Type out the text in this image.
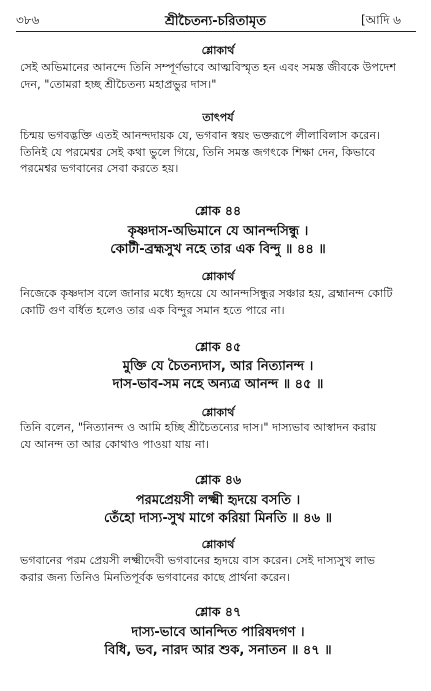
৩৮৬	শ্রীচৈতন্য-চরিতামৃত	[আদি ৬
শ্লোকার্থ
সেই অভিমানের আনন্দে তিনি সম্পূর্ণভাবে আত্মবিস্মৃত হন এবং সমস্ত জীবকে উপদেশ
দেন, "তোমরা হচ্ছ শ্রীচৈতন্য মহাপ্রভুর দাস।"
তাৎপর্য
চিন্ময় ভগবদ্ভক্তি এতই আনন্দদায়ক যে, ভগবান স্বয়ং ভক্তরূপে লীলাবিলাস করেন।
তিনিই যে পরমেশ্বর সেই কথা ভুলে গিয়ে, তিনি সমস্ত জগৎকে শিক্ষা দেন, কিভাবে
পরমেশ্বর ভগবানের সেবা করতে হয়।
শ্লোক ৪৪
কৃষ্ণদাস-অভিমানে যে আনন্দসিন্ধু ।
কোটী-ব্রহ্মসুখ নহে তার এক বিন্দু ॥ ৪৪ ॥
শ্লোকার্থ
নিজেকে কৃষ্ণদাস বলে জানার মধ্যে হৃদয়ে যে আনন্দসিন্ধুর সঞ্চার হয়, ব্রহ্মানন্দ কোটি
কোটি গুণ বর্ধিত হলেও তার এক বিন্দুর সমান হতে পারে না।
শ্লোক ৪৫
মুক্তি যে চৈতন্যদাস, আর নিত্যানন্দ ।
দাস-ভাব-সম নহে অন্যত্র আনন্দ ॥ ৪৫ ॥
শ্লোকার্থ
তিনি বলেন, "নিত্যানন্দ ও আমি হচ্ছি শ্রীচৈতন্যের দাস।" দাস্যভাব আস্বাদন করায়
যে আনন্দ তা আর কোথাও পাওয়া যায় না।
শ্লোক ৪৬
পরমপ্রেয়সী লক্ষ্মী হৃদয়ে বসতি ।
তেঁহো দাস্য-সুখ মাগে করিয়া মিনতি ॥ ৪৬ ॥
শ্লোকার্থ
ভগবানের পরম প্রেয়সী লক্ষ্মীদেবী ভগবানের হৃদয়ে বাস করেন। সেই দাস্যসুখ লাভ
করার জন্য তিনিও মিনতিপূর্বক ভগবানের কাছে প্রার্থনা করেন।
শ্লোক ৪৭
দাস্য-ভাবে আনন্দিত পারিষদগণ ।
বিধি, ভব, নারদ আর শুক, সনাতন ॥ ৪৭ ॥
